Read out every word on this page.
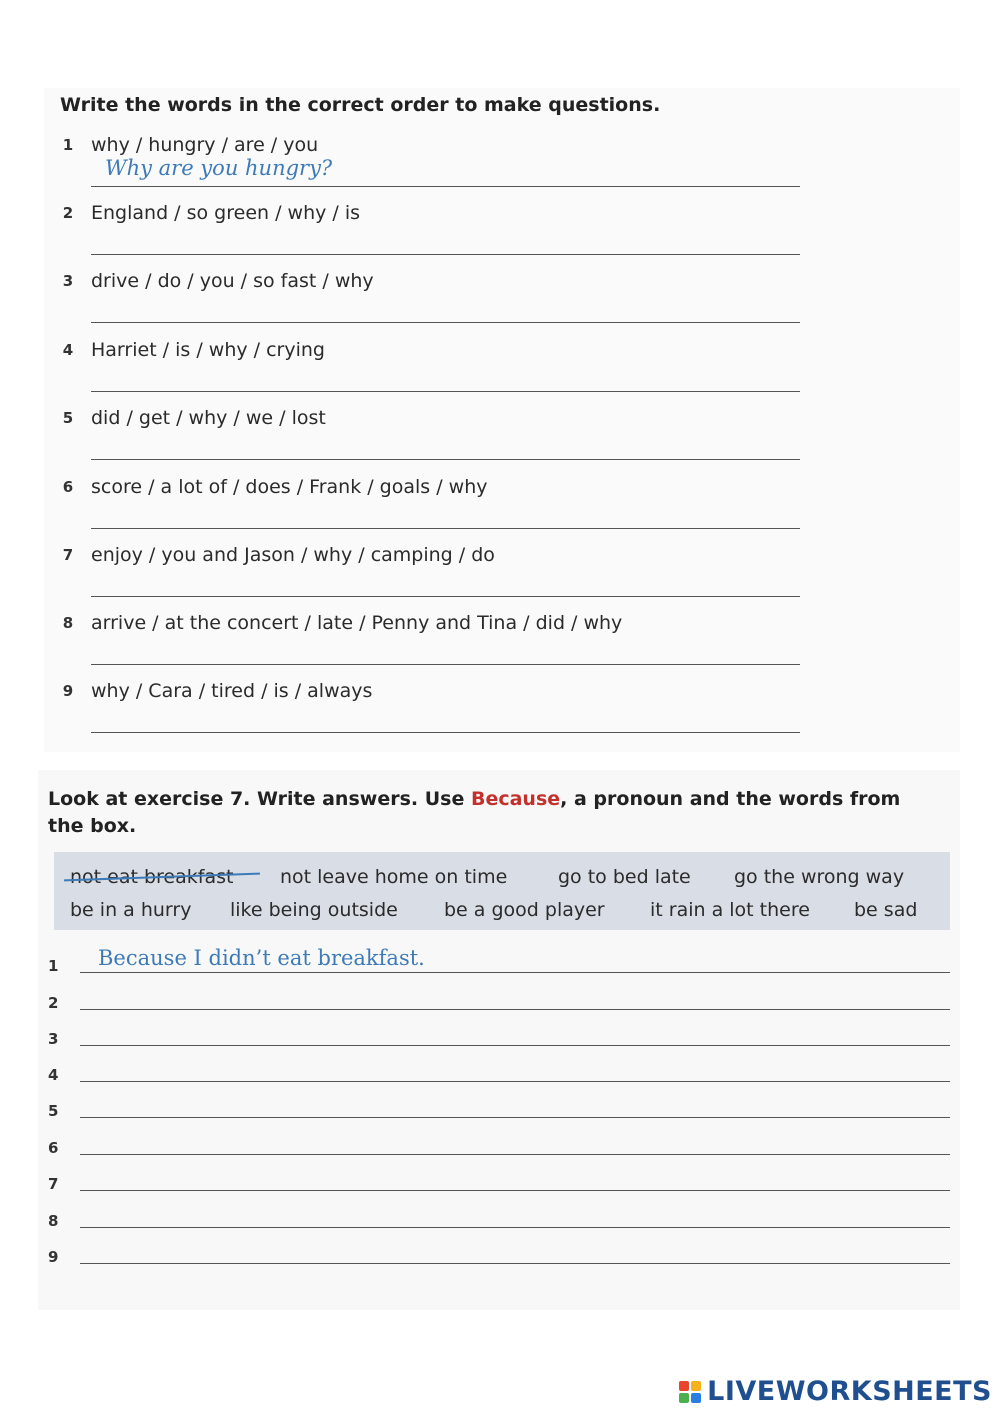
Write the words in the correct order to make questions.

1 why / hungry / are / you
Why are you hungry?
2 England / so green / why / is
3 drive / do / you / so fast / why
4 Harriet / is / why / crying
5 did / get / why / we / lost
6 score / a lot of / does / Frank / goals / why
7 enjoy / you and Jason / why / camping / do
8 arrive / at the concert / late / Penny and Tina / did / why
9 why / Cara / tired / is / always

Look at exercise 7. Write answers. Use Because, a pronoun and the words from
the box.

not eat breakfast not leave home on time	go to bed late go the wrong way
be in a hurry like being outside be a good player it rain a lot there be sad
1 Because I didn’t eat breakfast.
2
3
4
5
6
7
8
9
LIVEWORKSHEETS
